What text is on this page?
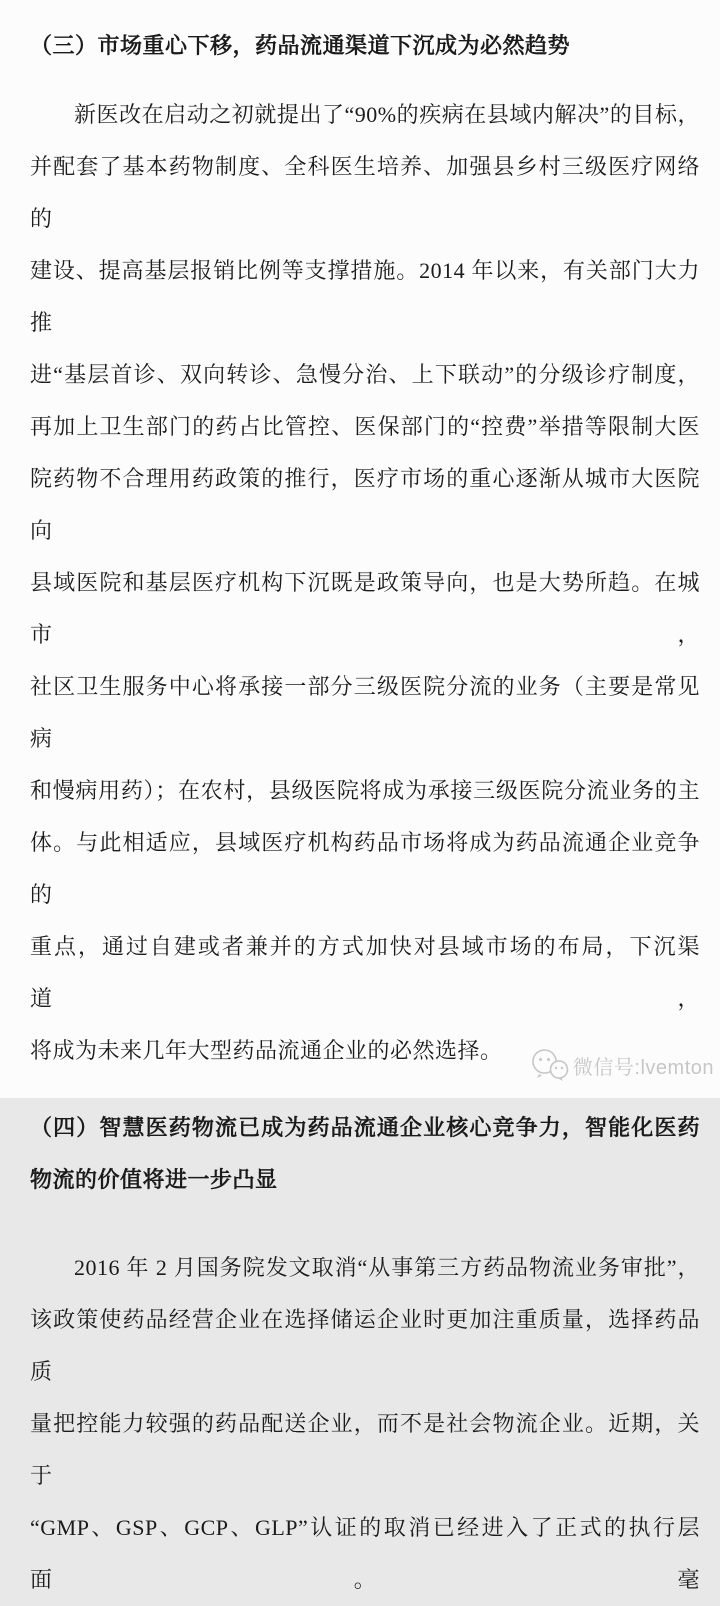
（三）市场重心下移，药品流通渠道下沉成为必然趋势
新医改在启动之初就提出了“90%的疾病在县域内解决”的目标，
并配套了基本药物制度、全科医生培养、加强县乡村三级医疗网络的
建设、提高基层报销比例等支撑措施。2014 年以来，有关部门大力推
进“基层首诊、双向转诊、急慢分治、上下联动”的分级诊疗制度，
再加上卫生部门的药占比管控、医保部门的“控费”举措等限制大医
院药物不合理用药政策的推行，医疗市场的重心逐渐从城市大医院向
县域医院和基层医疗机构下沉既是政策导向，也是大势所趋。在城市，
社区卫生服务中心将承接一部分三级医院分流的业务（主要是常见病
和慢病用药）；在农村，县级医院将成为承接三级医院分流业务的主
体。与此相适应，县域医疗机构药品市场将成为药品流通企业竞争的
重点，通过自建或者兼并的方式加快对县域市场的布局，下沉渠道，
将成为未来几年大型药品流通企业的必然选择。
（四）智慧医药物流已成为药品流通企业核心竞争力，智能化医药
物流的价值将进一步凸显
2016 年 2 月国务院发文取消“从事第三方药品物流业务审批”，
该政策使药品经营企业在选择储运企业时更加注重质量，选择药品质
量把控能力较强的药品配送企业，而不是社会物流企业。近期，关于
“GMP、GSP、GCP、GLP”认证的取消已经进入了正式的执行层面。毫
微信号:lvemton
